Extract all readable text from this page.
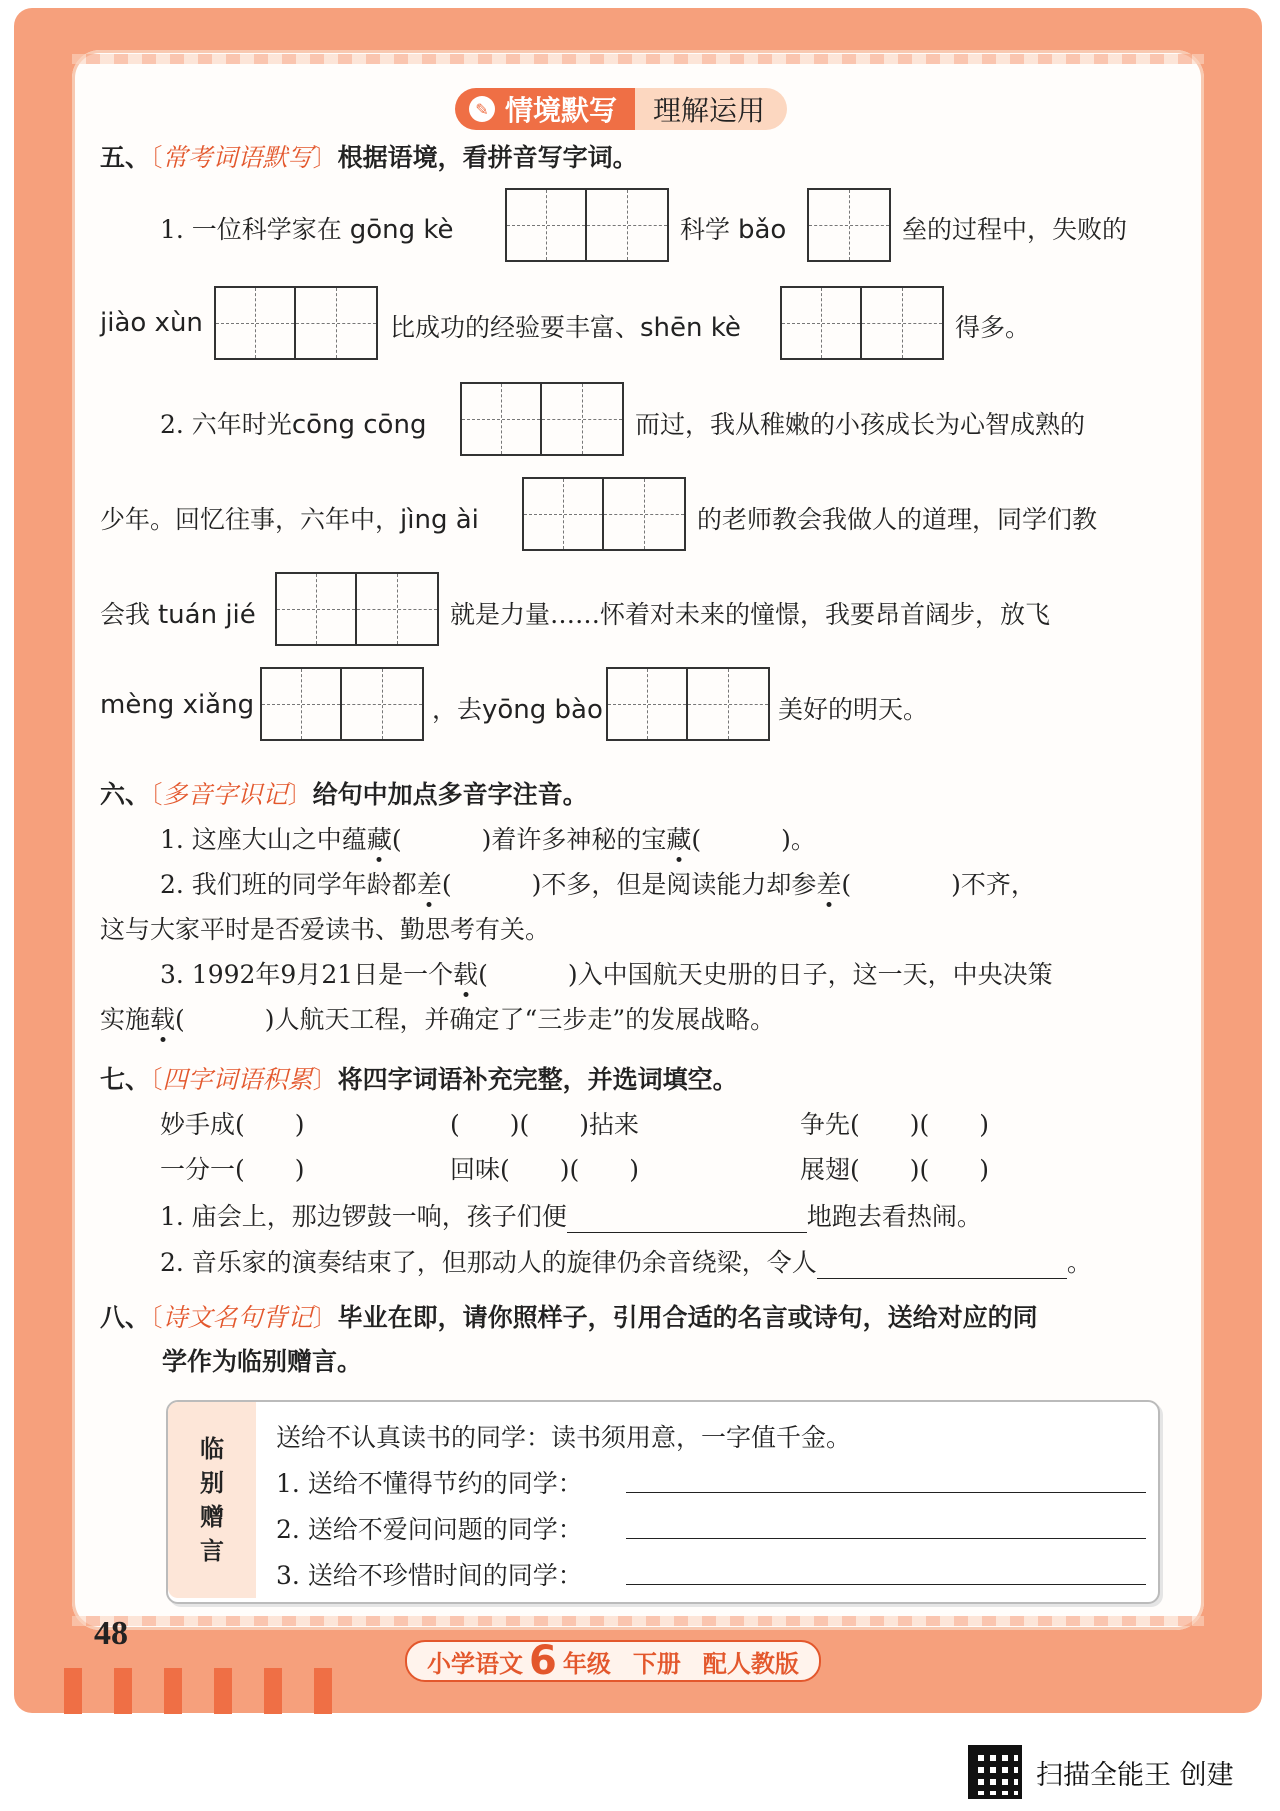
✎ 情境默写 理解运用
五、〔常考词语默写〕根据语境，看拼音写字词。
1. 一位科学家在 gōng kè	科学 bǎo	垒的过程中，失败的
jiào xùn	比成功的经验要丰富、shēn kè	得多。
2. 六年时光cōng cōng	而过，我从稚嫩的小孩成长为心智成熟的
少年。回忆往事，六年中，jìng ài	的老师教会我做人的道理，同学们教
会我 tuán jié	就是力量……怀着对未来的憧憬，我要昂首阔步，放飞
mèng xiǎng	，去yōng bào	美好的明天。
六、〔多音字识记〕给句中加点多音字注音。
1. 这座大山之中蕴藏(	)着许多神秘的宝藏(	)。
2. 我们班的同学年龄都差(	)不多，但是阅读能力却参差(	)不齐，
这与大家平时是否爱读书、勤思考有关。
3. 1992年9月21日是一个载(	)入中国航天史册的日子，这一天，中央决策
实施载(	)人航天工程，并确定了“三步走”的发展战略。
七、〔四字词语积累〕将四字词语补充完整，并选词填空。
妙手成(　　)	(　　)(　　)拈来	争先(　　)(　　)
一分一(　　)	回味(　　)(　　)	展翅(　　)(　　)
1. 庙会上，那边锣鼓一响，孩子们便	地跑去看热闹。
2. 音乐家的演奏结束了，但那动人的旋律仍余音绕梁，令人	。
八、〔诗文名句背记〕毕业在即，请你照样子，引用合适的名言或诗句，送给对应的同
学作为临别赠言。
临
别
赠
言
送给不认真读书的同学：读书须用意，一字值千金。
1. 送给不懂得节约的同学：
2. 送给不爱问问题的同学：
3. 送给不珍惜时间的同学：
48
小学语文 6 年级 下册 配人教版
扫描全能王 创建
